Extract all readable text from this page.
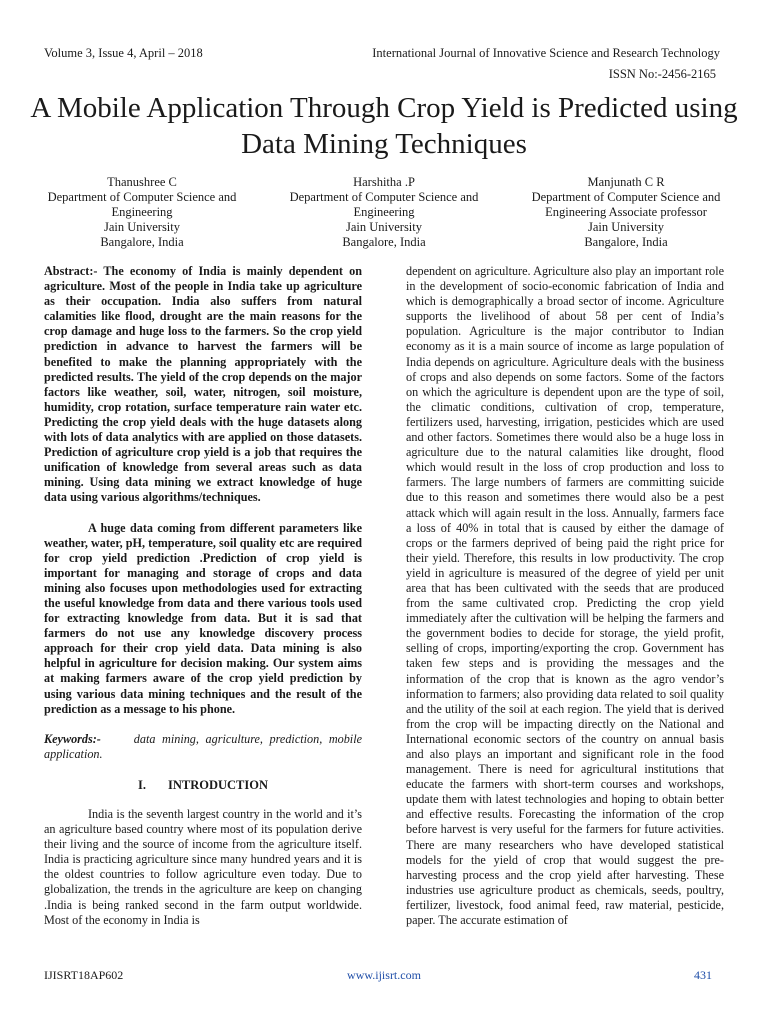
Volume 3, Issue 4, April – 2018	International Journal of Innovative Science and Research Technology
ISSN No:-2456-2165
A Mobile Application Through Crop Yield is Predicted using Data Mining Techniques
Thanushree C
Department of Computer Science and Engineering
Jain University
Bangalore, India
Harshitha .P
Department of Computer Science and Engineering
Jain University
Bangalore, India
Manjunath C R
Department of Computer Science and Engineering Associate professor
Jain University
Bangalore, India

Abstract:- The economy of India is mainly dependent on agriculture. Most of the people in India take up agriculture as their occupation. India also suffers from natural calamities like flood, drought are the main reasons for the crop damage and huge loss to the farmers. So the crop yield prediction in advance to harvest the farmers will be benefited to make the planning appropriately with the predicted results. The yield of the crop depends on the major factors like weather, soil, water, nitrogen, soil moisture, humidity, crop rotation, surface temperature rain water etc. Predicting the crop yield deals with the huge datasets along with lots of data analytics with are applied on those datasets. Prediction of agriculture crop yield is a job that requires the unification of knowledge from several areas such as data mining. Using data mining we extract knowledge of huge data using various algorithms/techniques.

A huge data coming from different parameters like weather, water, pH, temperature, soil quality etc are required for crop yield prediction .Prediction of crop yield is important for managing and storage of crops and data mining also focuses upon methodologies used for extracting the useful knowledge from data and there various tools used for extracting knowledge from data. But it is sad that farmers do not use any knowledge discovery process approach for their crop yield data. Data mining is also helpful in agriculture for decision making. Our system aims at making farmers aware of the crop yield prediction by using various data mining techniques and the result of the prediction as a message to his phone.

Keywords:-	data mining, agriculture, prediction, mobile application.

I. INTRODUCTION

India is the seventh largest country in the world and it’s an agriculture based country where most of its population derive their living and the source of income from the agriculture itself. India is practicing agriculture since many hundred years and it is the oldest countries to follow agriculture even today. Due to globalization, the trends in the agriculture are keep on changing .India is being ranked second in the farm output worldwide. Most of the economy in India is

dependent on agriculture. Agriculture also play an important role in the development of socio-economic fabrication of India and which is demographically a broad sector of income. Agriculture supports the livelihood of about 58 per cent of India’s population. Agriculture is the major contributor to Indian economy as it is a main source of income as large population of India depends on agriculture. Agriculture deals with the business of crops and also depends on some factors. Some of the factors on which the agriculture is dependent upon are the type of soil, the climatic conditions, cultivation of crop, temperature, fertilizers used, harvesting, irrigation, pesticides which are used and other factors. Sometimes there would also be a huge loss in agriculture due to the natural calamities like drought, flood which would result in the loss of crop production and loss to farmers. The large numbers of farmers are committing suicide due to this reason and sometimes there would also be a pest attack which will again result in the loss. Annually, farmers face a loss of 40% in total that is caused by either the damage of crops or the farmers deprived of being paid the right price for their yield. Therefore, this results in low productivity. The crop yield in agriculture is measured of the degree of yield per unit area that has been cultivated with the seeds that are produced from the same cultivated crop. Predicting the crop yield immediately after the cultivation will be helping the farmers and the government bodies to decide for storage, the yield profit, selling of crops, importing/exporting the crop. Government has taken few steps and is providing the messages and the information of the crop that is known as the agro vendor’s information to farmers; also providing data related to soil quality and the utility of the soil at each region. The yield that is derived from the crop will be impacting directly on the National and International economic sectors of the country on annual basis and also plays an important and significant role in the food management. There is need for agricultural institutions that educate the farmers with short-term courses and workshops, update them with latest technologies and hoping to obtain better and effective results. Forecasting the information of the crop before harvest is very useful for the farmers for future activities. There are many researchers who have developed statistical models for the yield of crop that would suggest the pre-harvesting process and the crop yield after harvesting. These industries use agriculture product as chemicals, seeds, poultry, fertilizer, livestock, food animal feed, raw material, pesticide, paper. The accurate estimation of

IJISRT18AP602	www.ijisrt.com	431
